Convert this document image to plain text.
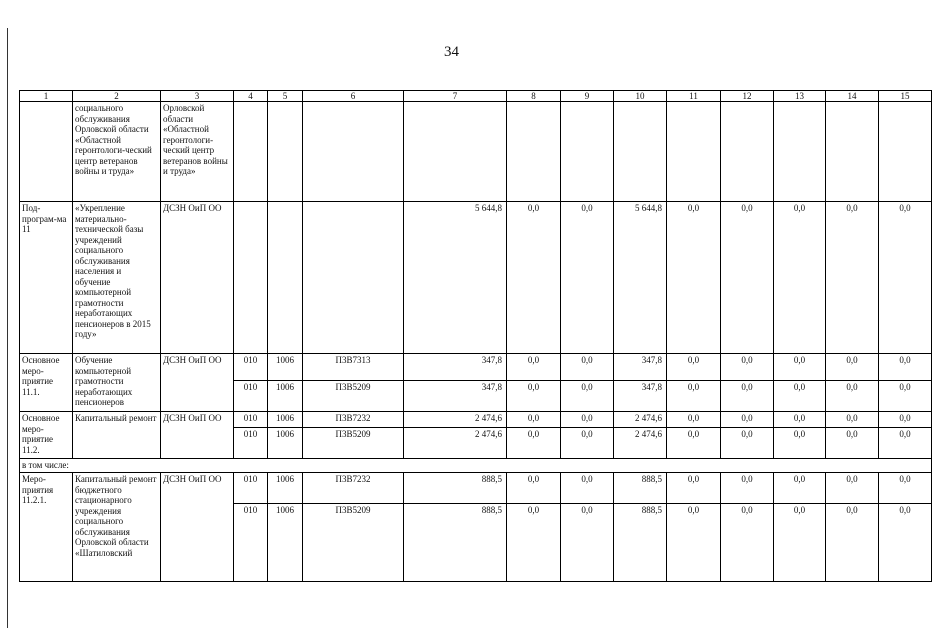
34
1	2	3	4	5	6	7	8	9	10	11	12	13	14	15
	социального обслуживания Орловской области «Областной геронтологи-ческий центр ветеранов войны и труда»	Орловской области «Областной геронтологи-ческий центр ветеранов войны и труда»												
Под-програм-ма 11	«Укрепление материально-технической базы учреждений социального обслуживания населения и обучение компьютерной грамотности неработающих пенсионеров в 2015 году»	ДСЗН ОиП ОО				5 644,8	0,0	0,0	5 644,8	0,0	0,0	0,0	0,0	0,0
Основное меро-приятие 11.1.	Обучение компьютерной грамотности неработающих пенсионеров	ДСЗН ОиП ОО	010	1006	П3В7313	347,8	0,0	0,0	347,8	0,0	0,0	0,0	0,0	0,0
			010	1006	П3В5209	347,8	0,0	0,0	347,8	0,0	0,0	0,0	0,0	0,0
Основное меро-приятие 11.2.	Капитальный ремонт	ДСЗН ОиП ОО	010	1006	П3В7232	2 474,6	0,0	0,0	2 474,6	0,0	0,0	0,0	0,0	0,0
			010	1006	П3В5209	2 474,6	0,0	0,0	2 474,6	0,0	0,0	0,0	0,0	0,0
в том числе:														
Меро-приятия 11.2.1.	Капитальный ремонт бюджетного стационарного учреждения социального обслуживания Орловской области «Шатиловский	ДСЗН ОиП ОО	010	1006	П3В7232	888,5	0,0	0,0	888,5	0,0	0,0	0,0	0,0	0,0
			010	1006	П3В5209	888,5	0,0	0,0	888,5	0,0	0,0	0,0	0,0	0,0
